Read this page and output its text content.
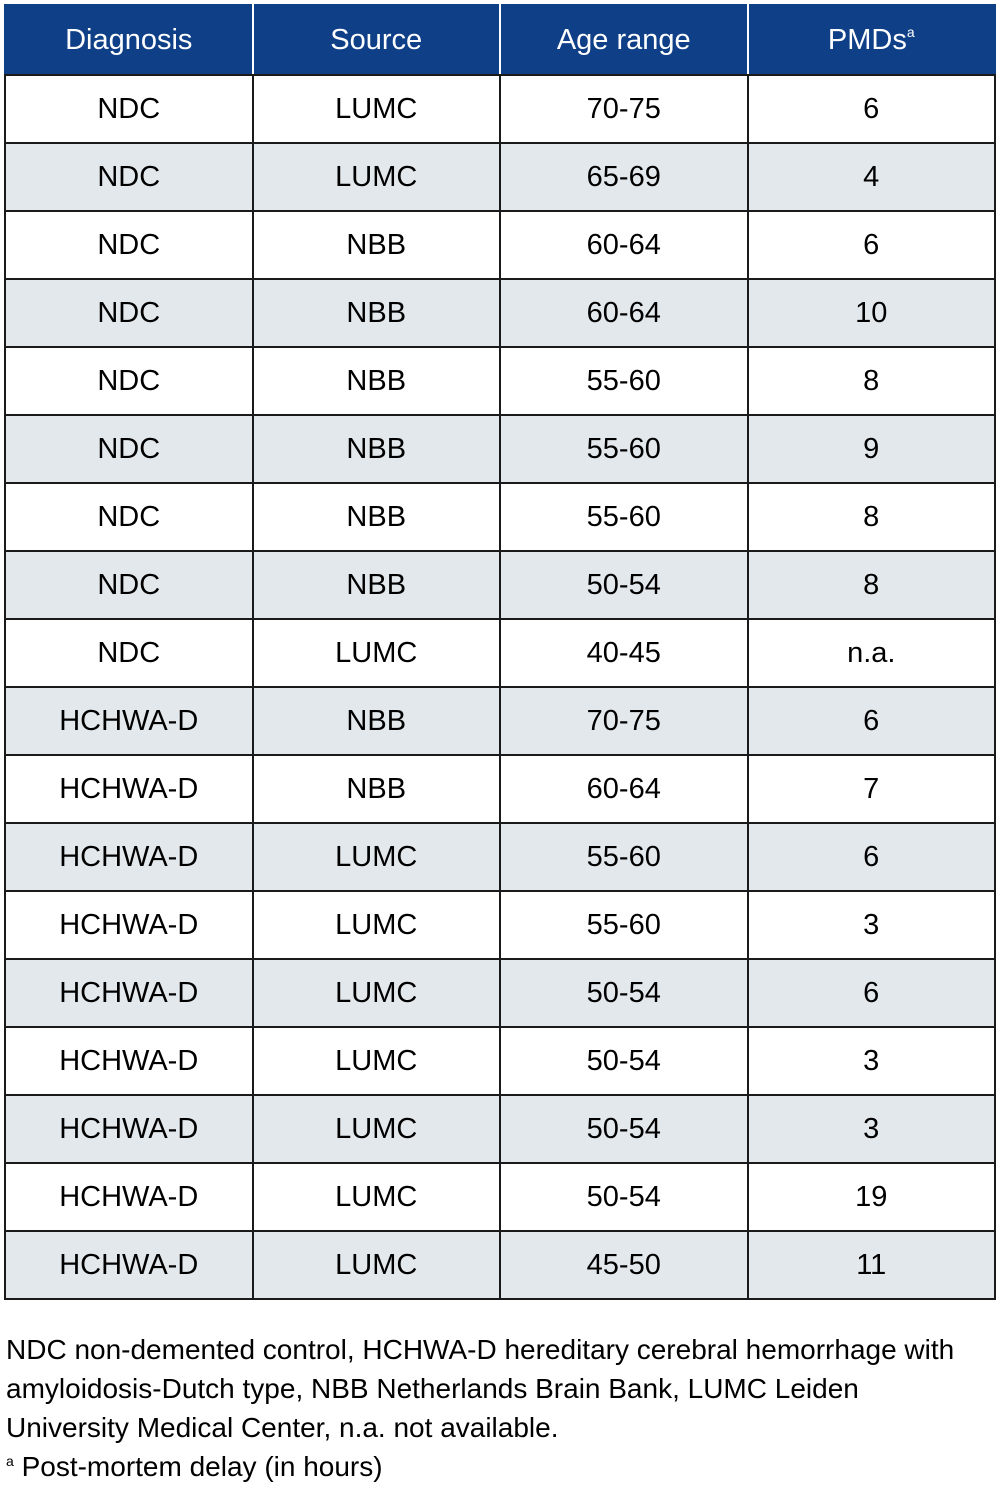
Diagnosis	Source	Age range	PMDs$^a$
NDC	LUMC	70-75	6
NDC	LUMC	65-69	4
NDC	NBB	60-64	6
NDC	NBB	60-64	10
NDC	NBB	55-60	8
NDC	NBB	55-60	9
NDC	NBB	55-60	8
NDC	NBB	50-54	8
NDC	LUMC	40-45	n.a.
HCHWA-D	NBB	70-75	6
HCHWA-D	NBB	60-64	7
HCHWA-D	LUMC	55-60	6
HCHWA-D	LUMC	55-60	3
HCHWA-D	LUMC	50-54	6
HCHWA-D	LUMC	50-54	3
HCHWA-D	LUMC	50-54	3
HCHWA-D	LUMC	50-54	19
HCHWA-D	LUMC	45-50	11

NDC non-demented control, HCHWA-D hereditary cerebral hemorrhage with amyloidosis-Dutch type, NBB Netherlands Brain Bank, LUMC Leiden University Medical Center, n.a. not available.

$^a$ Post-mortem delay (in hours)
